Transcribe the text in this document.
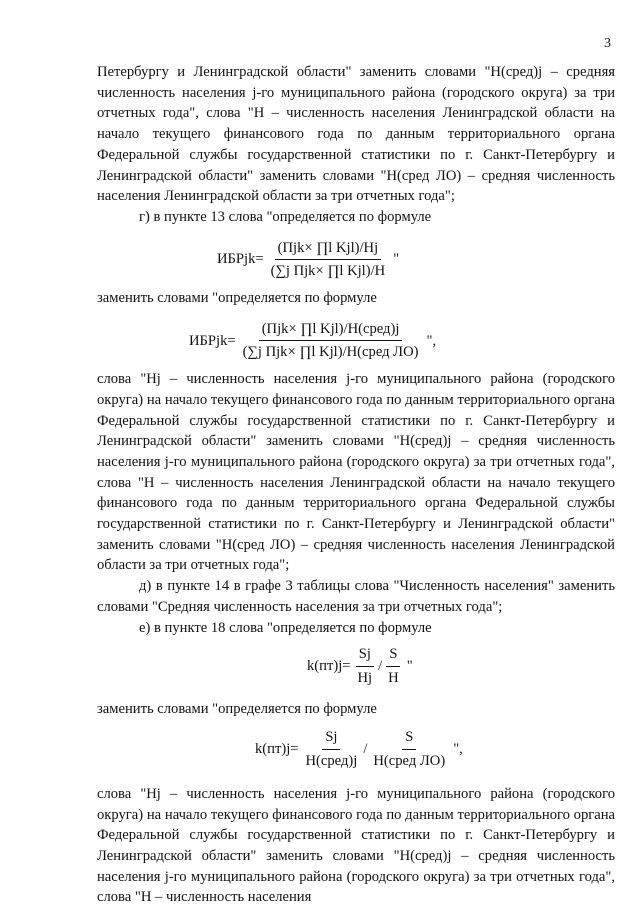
3

Петербургу и Ленинградской области" заменить словами "Н(сред)j – средняя численность населения j-го муниципального района (городского округа) за три отчетных года", слова "Н – численность населения Ленинградской области на начало текущего финансового года по данным территориального органа Федеральной службы государственной статистики по г. Санкт-Петербургу и Ленинградской области" заменить словами "Н(сред ЛО) – средняя численность населения Ленинградской области за три отчетных года";

г) в пункте 13 слова "определяется по формуле

ИБРjk= $\frac{\text{(Пjk× ∏l Kjl)/Нj}}{\text{(∑j Пjk× ∏l Kjl)/Н}}$ "

заменить словами "определяется по формуле

ИБРjk= $\frac{\text{(Пjk× ∏l Kjl)/Н(сред)j}}{\text{(∑j Пjk× ∏l Kjl)/Н(сред ЛО)}}$ ",

слова "Нj – численность населения j-го муниципального района (городского округа) на начало текущего финансового года по данным территориального органа Федеральной службы государственной статистики по г. Санкт-Петербургу и Ленинградской области" заменить словами "Н(сред)j – средняя численность населения j-го муниципального района (городского округа) за три отчетных года", слова "Н – численность населения Ленинградской области на начало текущего финансового года по данным территориального органа Федеральной службы государственной статистики по г. Санкт-Петербургу и Ленинградской области" заменить словами "Н(сред ЛО) – средняя численность населения Ленинградской области за три отчетных года";

д) в пункте 14 в графе 3 таблицы слова "Численность населения" заменить словами "Средняя численность населения за три отчетных года";

е) в пункте 18 слова "определяется по формуле

$k(пт)j= \frac{Sj}{Нj} / \frac{S}{Н}$ "

заменить словами "определяется по формуле

$k(пт)j= \frac{Sj}{\text{Н(сред)j}} / \frac{S}{\text{Н(сред ЛО)}}$ ",

слова "Нj – численность населения j-го муниципального района (городского округа) на начало текущего финансового года по данным территориального органа Федеральной службы государственной статистики по г. Санкт-Петербургу и Ленинградской области" заменить словами "Н(сред)j – средняя численность населения j-го муниципального района (городского округа) за три отчетных года", слова "Н – численность населения
